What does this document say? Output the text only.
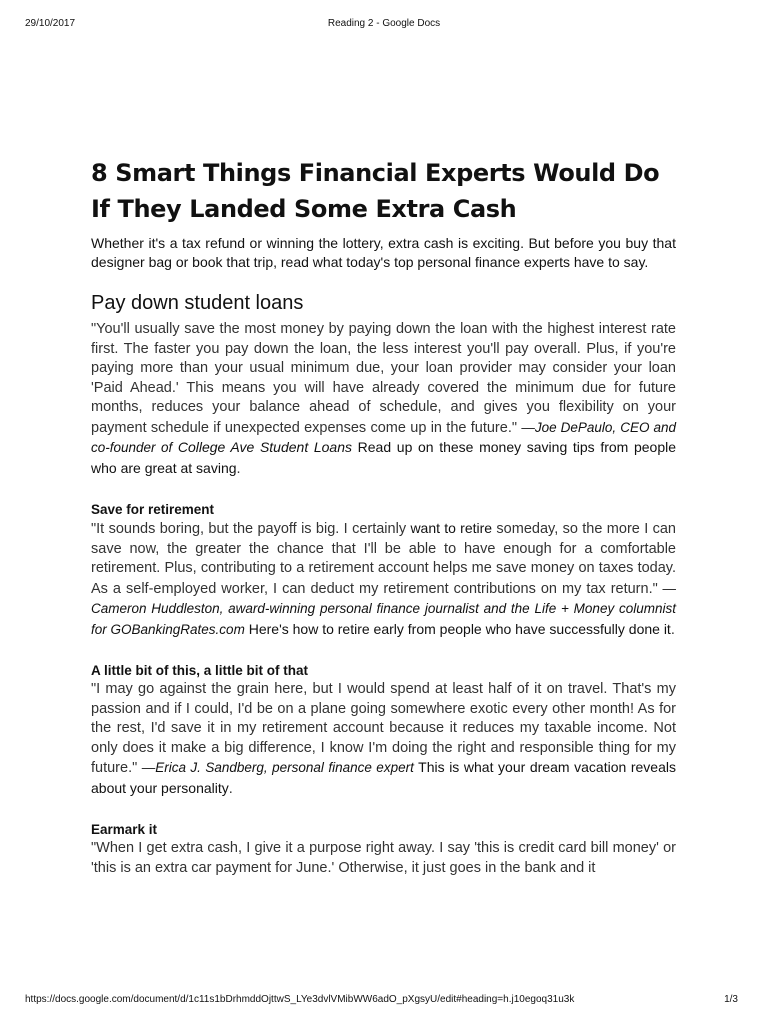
29/10/2017	Reading 2 - Google Docs
8 Smart Things Financial Experts Would Do If They Landed Some Extra Cash

Whether it's a tax refund or winning the lottery, extra cash is exciting. But before you buy that designer bag or book that trip, read what today's top personal finance experts have to say.

Pay down student loans

"You'll usually save the most money by paying down the loan with the highest interest rate first. The faster you pay down the loan, the less interest you'll pay overall. Plus, if you're paying more than your usual minimum due, your loan provider may consider your loan 'Paid Ahead.' This means you will have already covered the minimum due for future months, reduces your balance ahead of schedule, and gives you flexibility on your payment schedule if unexpected expenses come up in the future." —Joe DePaulo, CEO and co-founder of College Ave Student Loans Read up on these money saving tips from people who are great at saving.

Save for retirement

"It sounds boring, but the payoff is big. I certainly want to retire someday, so the more I can save now, the greater the chance that I'll be able to have enough for a comfortable retirement. Plus, contributing to a retirement account helps me save money on taxes today. As a self-employed worker, I can deduct my retirement contributions on my tax return." —Cameron Huddleston, award-winning personal finance journalist and the Life + Money columnist for GOBankingRates.com Here's how to retire early from people who have successfully done it.

A little bit of this, a little bit of that

"I may go against the grain here, but I would spend at least half of it on travel. That's my passion and if I could, I'd be on a plane going somewhere exotic every other month! As for the rest, I'd save it in my retirement account because it reduces my taxable income. Not only does it make a big difference, I know I'm doing the right and responsible thing for my future." —Erica J. Sandberg, personal finance expert This is what your dream vacation reveals about your personality.

Earmark it

"When I get extra cash, I give it a purpose right away. I say 'this is credit card bill money' or 'this is an extra car payment for June.' Otherwise, it just goes in the bank and it

https://docs.google.com/document/d/1c11s1bDrhmddOjttwS_LYe3dvlVMibWW6adO_pXgsyU/edit#heading=h.j10egoq31u3k	1/3
